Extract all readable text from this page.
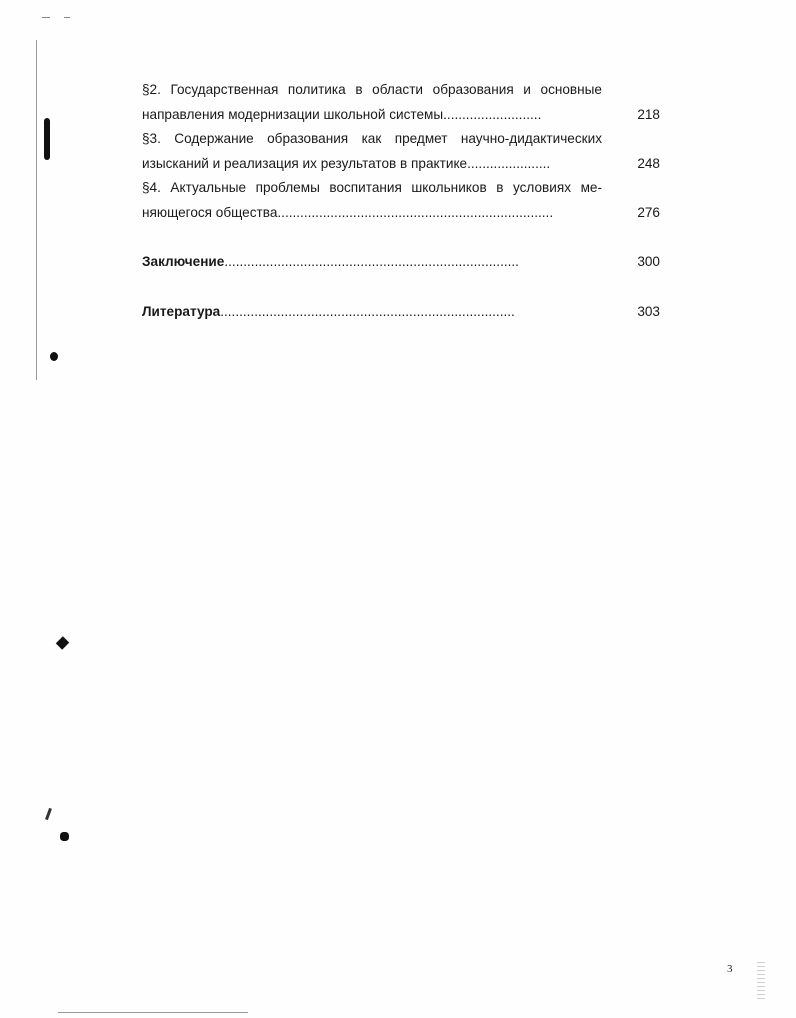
§2. Государственная политика в области образования и основные
направления модернизации школьной системы..........................	218
§3. Содержание образования как предмет научно-дидактических
изысканий и реализация их результатов в практике......................	248
§4. Актуальные проблемы воспитания школьников в условиях ме-
няющегося общества.........................................................................	276
Заключение..............................................................................	300
Литература..............................................................................	303
3
